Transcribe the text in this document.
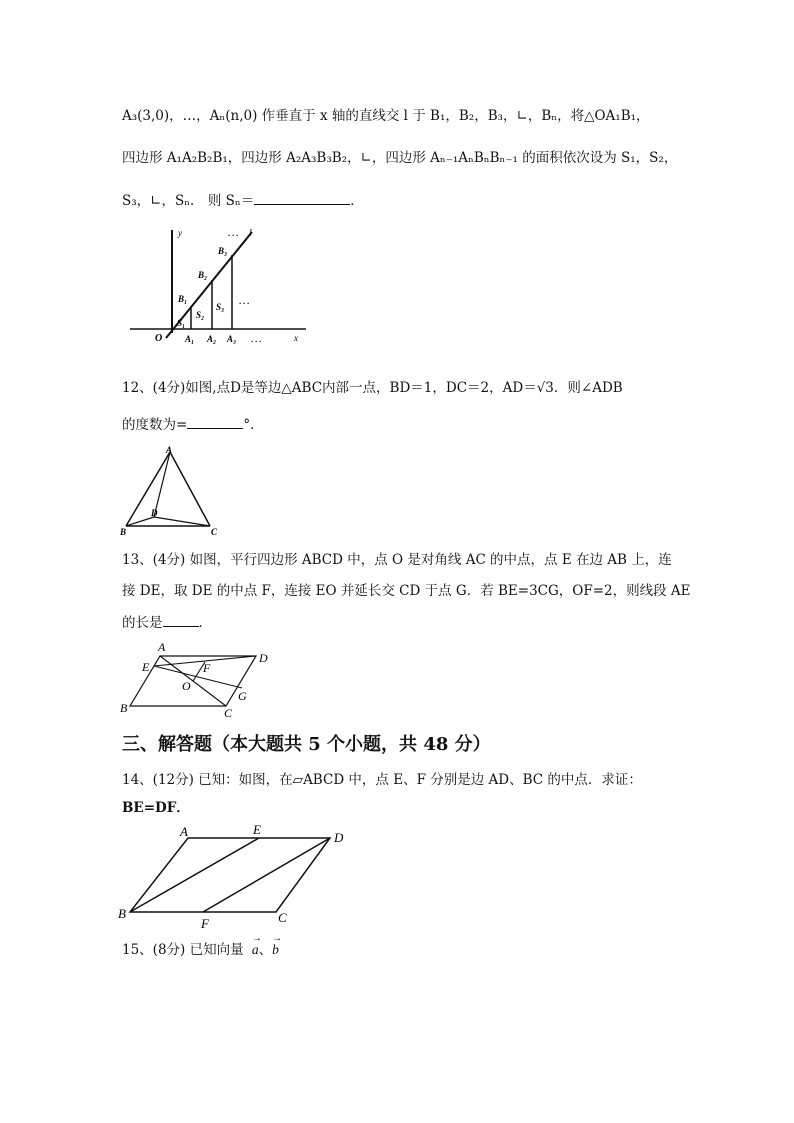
A₃(3,0)，…，Aₙ(n,0) 作垂直于 x 轴的直线交 l 于 B₁，B₂，B₃，∟，Bₙ，将△OA₁B₁，
四边形 A₁A₂B₂B₁，四边形 A₂A₃B₃B₂，∟，四边形 Aₙ₋₁AₙBₙBₙ₋₁ 的面积依次设为 S₁，S₂，
S₃，∟，Sₙ． 则 Sₙ＝	．
y	l
…
B₃
B₂
B₁	…
S₃
S₂
S₁
O	A₁ A₂ A₃ …	x
12、(4分)如图,点D是等边△ABC内部一点，BD＝1，DC＝2，AD＝√3．则∠ADB
的度数为=	°．
A
B	C
D
13、(4分) 如图，平行四边形 ABCD 中，点 O 是对角线 AC 的中点，点 E 在边 AB 上，连
接 DE，取 DE 的中点 F，连接 EO 并延长交 CD 于点 G．若 BE=3CG，OF=2，则线段 AE
的长是	．
A
E	F
D
O
G
B	C
三、解答题（本大题共 5 个小题，共 48 分）
14、(12分) 已知：如图，在▱ABCD 中，点 E、F 分别是边 AD、BC 的中点．求证：
BE=DF．
A	E
D
B
F	C
15、(8分) 已知向量
→
a、
→
b
